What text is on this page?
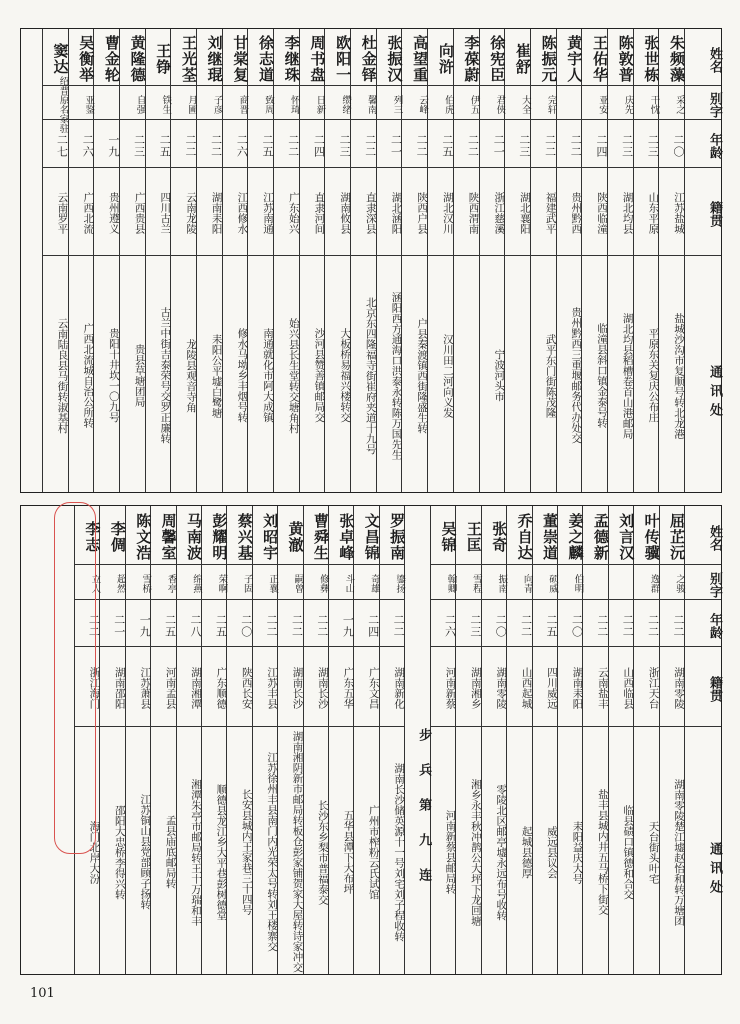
姓名
别字
年龄
籍贯
通讯处
朱频藻
采之
二〇
江苏盐城
盐城沙沟市复顺号转北龙港
张世栋
干忱
二三
山东平原
平原东关复庆公布庄
陈敦普
庆先
二三
湖北均县
湖北均县稻槽卷首山港邮局
王佑华
亚安
二四
陕西临潼
临潼县斜口镇金泰号转
黄宇人
二二
贵州黔西
贵州黔西三重堰邮务代办处交
陈振元
完轩
二二
福建武平
武平东门街陈茂隆
崔舒
大全
二三
湖北襄阳
徐宪臣
君侠
二一
浙江慈溪
宁波河头市
李葆蔚
伊五
二二
陕西渭南
向浒
伯虎
二五
湖北汉川
汉川田二河向义发
高望重
云峰
二二
陕西户县
户县秦渡镇西街隆盛生转
张振汉
列三
二一
湖北涵阳
涵阳西方通海口洪泰永转陈万国先生
杜金铎
馨南
二二
直隶深县
北京东四隆福寺街崔府夹道十九号
欧阳一
缵绪
二三
湖南攸县
大板桥易福兴楼转交
周书盘
日新
二四
直隶河间
沙河县赞善镇邮局交
李继珠
怀琦
二二
广东始兴
始兴县长生堂转交塘角村
徐志道
致周
二五
江苏南通
南通就化市阿大成镇
甘棠复
商晋
二六
江西修水
修水马坳乡丰烟号转
刘继琨
子彦
二二
湖南耒阳
耒阳公平墟白鹭塘
王光荃
月圃
二二
云南龙陵
龙陵县观音寺角
王铮
铁生
二五
四川古兰
古兰中街吉泰荣号交罗正廉转
黄隆德
自强
二三
广西贵县
贵县草塘团局
曹金轮
一九
贵州遵义
贵阳十井坎一〇九号
吴衡举
亚鉴
二六
广西北流
广西北流城自治公所转
窦达
绍普原名家驻
二七
云南罗平
云南陆良县马街转淑基村
姓名
别字
年龄
籍贯
通讯处
屈芷沅
之骏
二二
湖南零陵
湖南零陵楚江墟赵怡和转万塘团
叶传骥
逸群
二二
浙江天台
天台街头叶宅
刘言汉
二二
山西临县
临县碛口镇德和合交
孟德新
二二
云南盐丰
盐丰县城内井五马桥下街交
姜之麟
伯明
二〇
湖南耒阳
耒阳益庆大号
董崇道
硕威
二五
四川威远
威远县议会
乔自达
向青
二二
山西起城
起城县德厚
张奇
振南
二〇
湖南零陵
零陵北区邮亭墟永远布号收转
王匡
雪程
二三
湖南湘乡
湘乡永丰秋冲鹊公大坪下龙回塘
吴锦
翰卿
二六
河南新蔡
河南新蔡县邮局转
步兵第九连
罗振南
鎏扬
二二
湖南新化
湖南长沙储英源十一号刘宅刘子程收转
文昌锦
奇雄
二四
广东文昌
广州市榨粉云氏试馆
张卓峰
斗山
一九
广东五华
五华县潭下大布坪
曹舜生
修彝
二二
湖南长沙
长沙东乡梨市普福泰交
黄澈
嗣曾
二二
湖南长沙
湖南湘阴新市邮局转板仓彭家铺贺家大屋转诗家冲交
刘昭宇
正襄
二二
江苏丰县
江苏徐州丰县南门内光荣太号转刘王楼寨交
蔡兴基
子固
二〇
陕西长安
长安县城内王家巷三十四号
彭耀明
荣啊
二五
广东顺德
顺德县龙江乡大平巷彭树德堂
马南波
绵燕
二八
湖南湘潭
湘潭朱亭市邮局转王十万瑞和丰
周馨室
香亭
二五
河南孟县
孟县庙底邮局转
陈文浩
雪桥
一九
江苏萧县
江苏铜山县党部顾子扬转
李倜
超然
二一
湖南邵阳
邵阳大忠桥李得兴转
李志
立人
二二
浙江海门
海门北岸大汾
101
